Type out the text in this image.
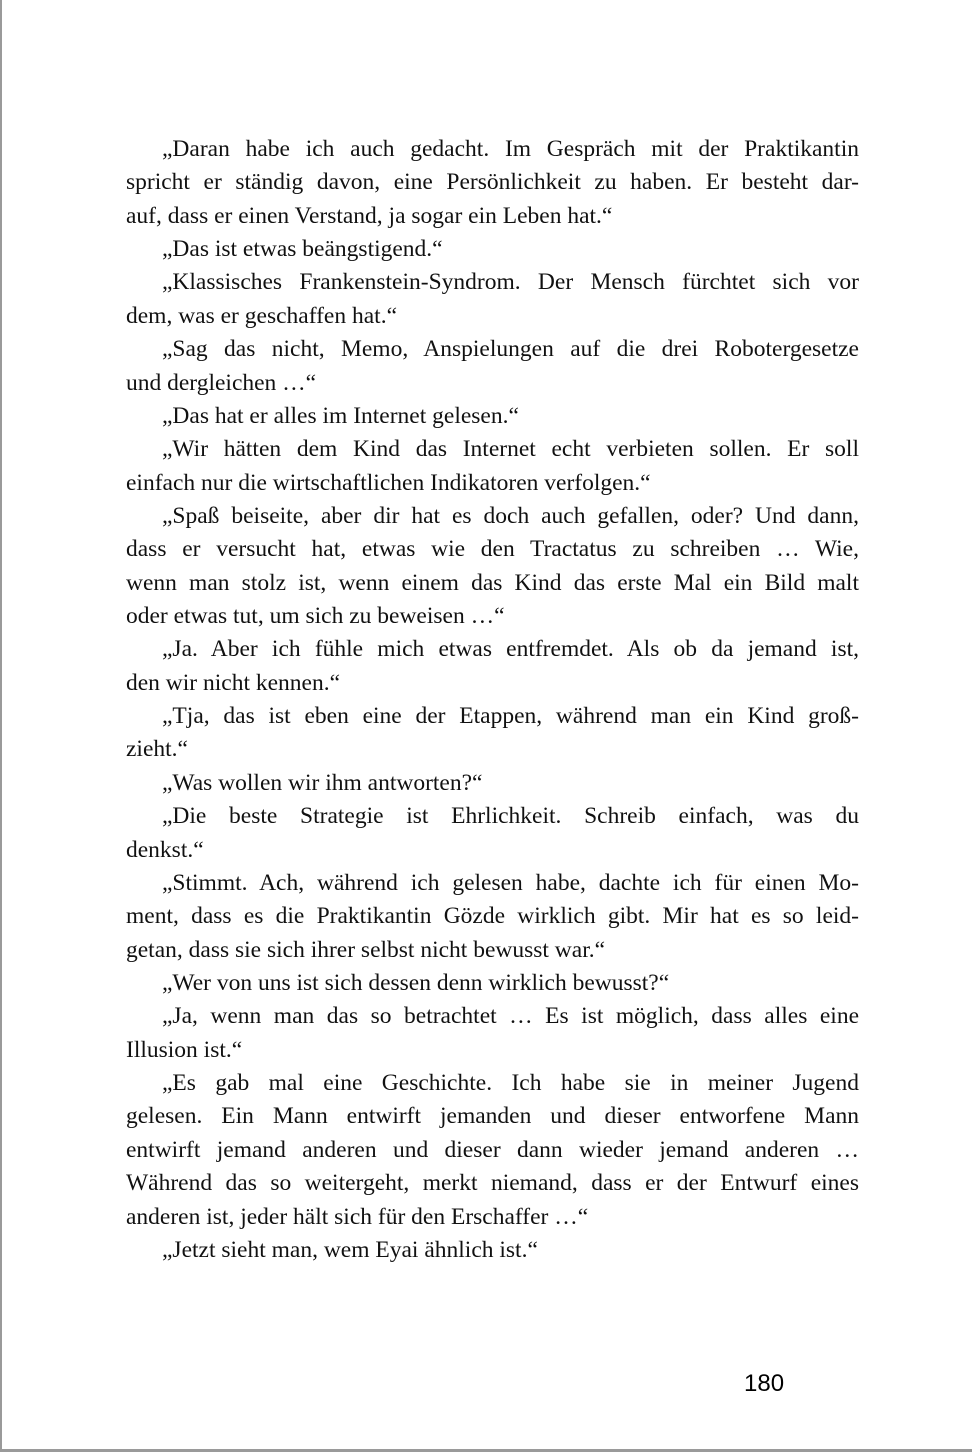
„Daran habe ich auch gedacht. Im Gespräch mit der Praktikantin
spricht er ständig davon, eine Persönlichkeit zu haben. Er besteht dar-
auf, dass er einen Verstand, ja sogar ein Leben hat.“
„Das ist etwas beängstigend.“
„Klassisches Frankenstein-Syndrom. Der Mensch fürchtet sich vor
dem, was er geschaffen hat.“
„Sag das nicht, Memo, Anspielungen auf die drei Robotergesetze
und dergleichen …“
„Das hat er alles im Internet gelesen.“
„Wir hätten dem Kind das Internet echt verbieten sollen. Er soll
einfach nur die wirtschaftlichen Indikatoren verfolgen.“
„Spaß beiseite, aber dir hat es doch auch gefallen, oder? Und dann,
dass er versucht hat, etwas wie den Tractatus zu schreiben … Wie,
wenn man stolz ist, wenn einem das Kind das erste Mal ein Bild malt
oder etwas tut, um sich zu beweisen …“
„Ja. Aber ich fühle mich etwas entfremdet. Als ob da jemand ist,
den wir nicht kennen.“
„Tja, das ist eben eine der Etappen, während man ein Kind groß-
zieht.“
„Was wollen wir ihm antworten?“
„Die beste Strategie ist Ehrlichkeit. Schreib einfach, was du
denkst.“
„Stimmt. Ach, während ich gelesen habe, dachte ich für einen Mo-
ment, dass es die Praktikantin Gözde wirklich gibt. Mir hat es so leid-
getan, dass sie sich ihrer selbst nicht bewusst war.“
„Wer von uns ist sich dessen denn wirklich bewusst?“
„Ja, wenn man das so betrachtet … Es ist möglich, dass alles eine
Illusion ist.“
„Es gab mal eine Geschichte. Ich habe sie in meiner Jugend
gelesen. Ein Mann entwirft jemanden und dieser entworfene Mann
entwirft jemand anderen und dieser dann wieder jemand anderen …
Während das so weitergeht, merkt niemand, dass er der Entwurf eines
anderen ist, jeder hält sich für den Erschaffer …“
„Jetzt sieht man, wem Eyai ähnlich ist.“
180
